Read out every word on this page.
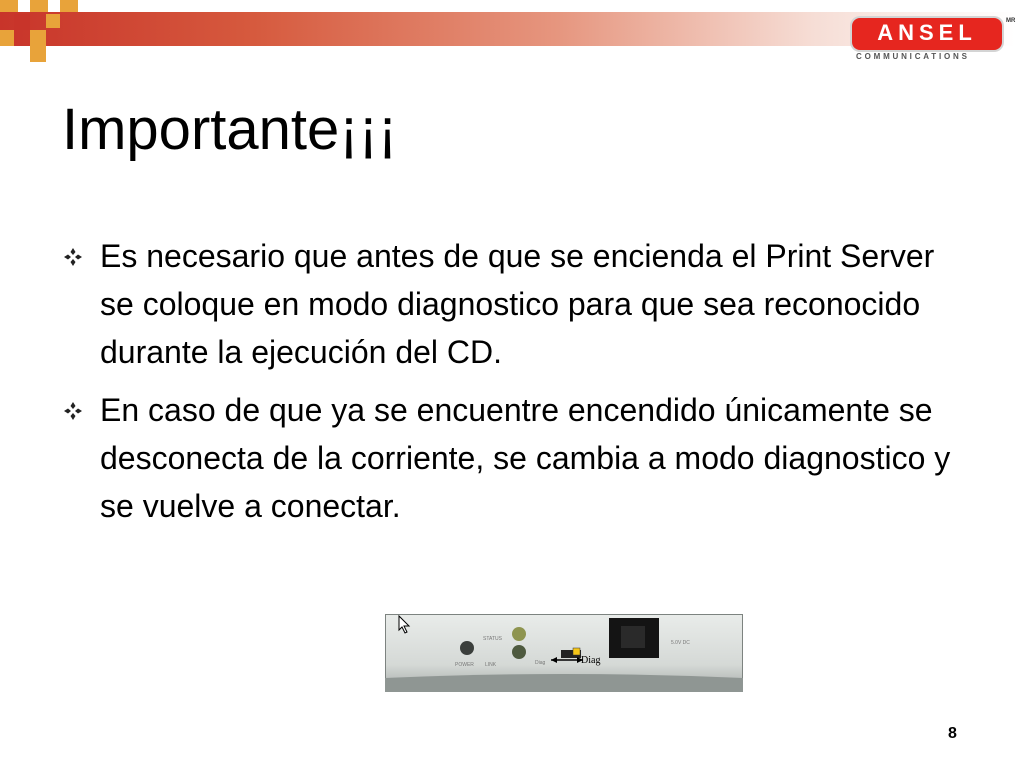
ANSEL	MR
COMMUNICATIONS
Importante¡¡¡
Es necesario que antes de que se encienda el Print Server se coloque en modo diagnostico para que sea reconocido durante la ejecución del CD.
En caso de que ya se encuentre encendido únicamente se desconecta de la corriente, se cambia a modo diagnostico y se vuelve a conectar.
STATUS
POWER LINK	Diag
5.0V DC
Diag
8
